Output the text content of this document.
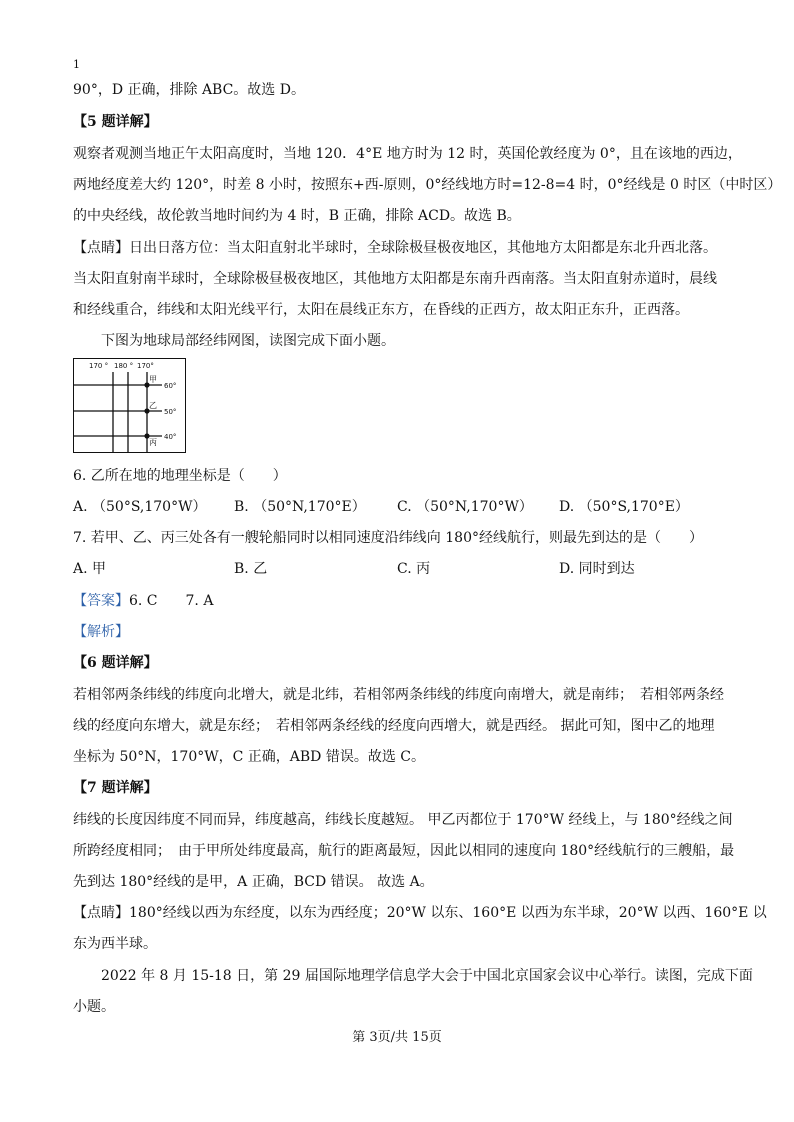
1
90°，D 正确，排除 ABC。故选 D。
【5 题详解】
观察者观测当地正午太阳高度时，当地 120．4°E 地方时为 12 时，英国伦敦经度为 0°，且在该地的西边，
两地经度差大约 120°，时差 8 小时，按照东+西-原则，0°经线地方时=12-8=4 时，0°经线是 0 时区（中时区）
的中央经线，故伦敦当地时间约为 4 时，B 正确，排除 ACD。故选 B。
【点睛】日出日落方位：当太阳直射北半球时，全球除极昼极夜地区，其他地方太阳都是东北升西北落。
当太阳直射南半球时，全球除极昼极夜地区，其他地方太阳都是东南升西南落。当太阳直射赤道时，晨线
和经线重合，纬线和太阳光线平行，太阳在晨线正东方，在昏线的正西方，故太阳正东升，正西落。
下图为地球局部经纬网图，读图完成下面小题。
170 ° 180 ° 170°
60°
50°
40°
甲
乙
丙
6. 乙所在地的地理坐标是（　　）
A. （50°S,170°W） B. （50°N,170°E） C. （50°N,170°W） D. （50°S,170°E）
7. 若甲、乙、丙三处各有一艘轮船同时以相同速度沿纬线向 180°经线航行，则最先到达的是（　　）
A. 甲	B. 乙	C. 丙	D. 同时到达
【答案】6. C　　7. A
【解析】
【6 题详解】
若相邻两条纬线的纬度向北增大，就是北纬，若相邻两条纬线的纬度向南增大，就是南纬；　若相邻两条经
线的经度向东增大，就是东经；　若相邻两条经线的经度向西增大，就是西经。 据此可知，图中乙的地理
坐标为 50°N，170°W，C 正确，ABD 错误。故选 C。
【7 题详解】
纬线的长度因纬度不同而异，纬度越高，纬线长度越短。 甲乙丙都位于 170°W 经线上，与 180°经线之间
所跨经度相同；　由于甲所处纬度最高，航行的距离最短，因此以相同的速度向 180°经线航行的三艘船，最
先到达 180°经线的是甲，A 正确，BCD 错误。 故选 A。
【点睛】180°经线以西为东经度，以东为西经度；20°W 以东、160°E 以西为东半球，20°W 以西、160°E 以
东为西半球。
2022 年 8 月 15-18 日，第 29 届国际地理学信息学大会于中国北京国家会议中心举行。读图，完成下面
小题。
第 3页/共 15页
